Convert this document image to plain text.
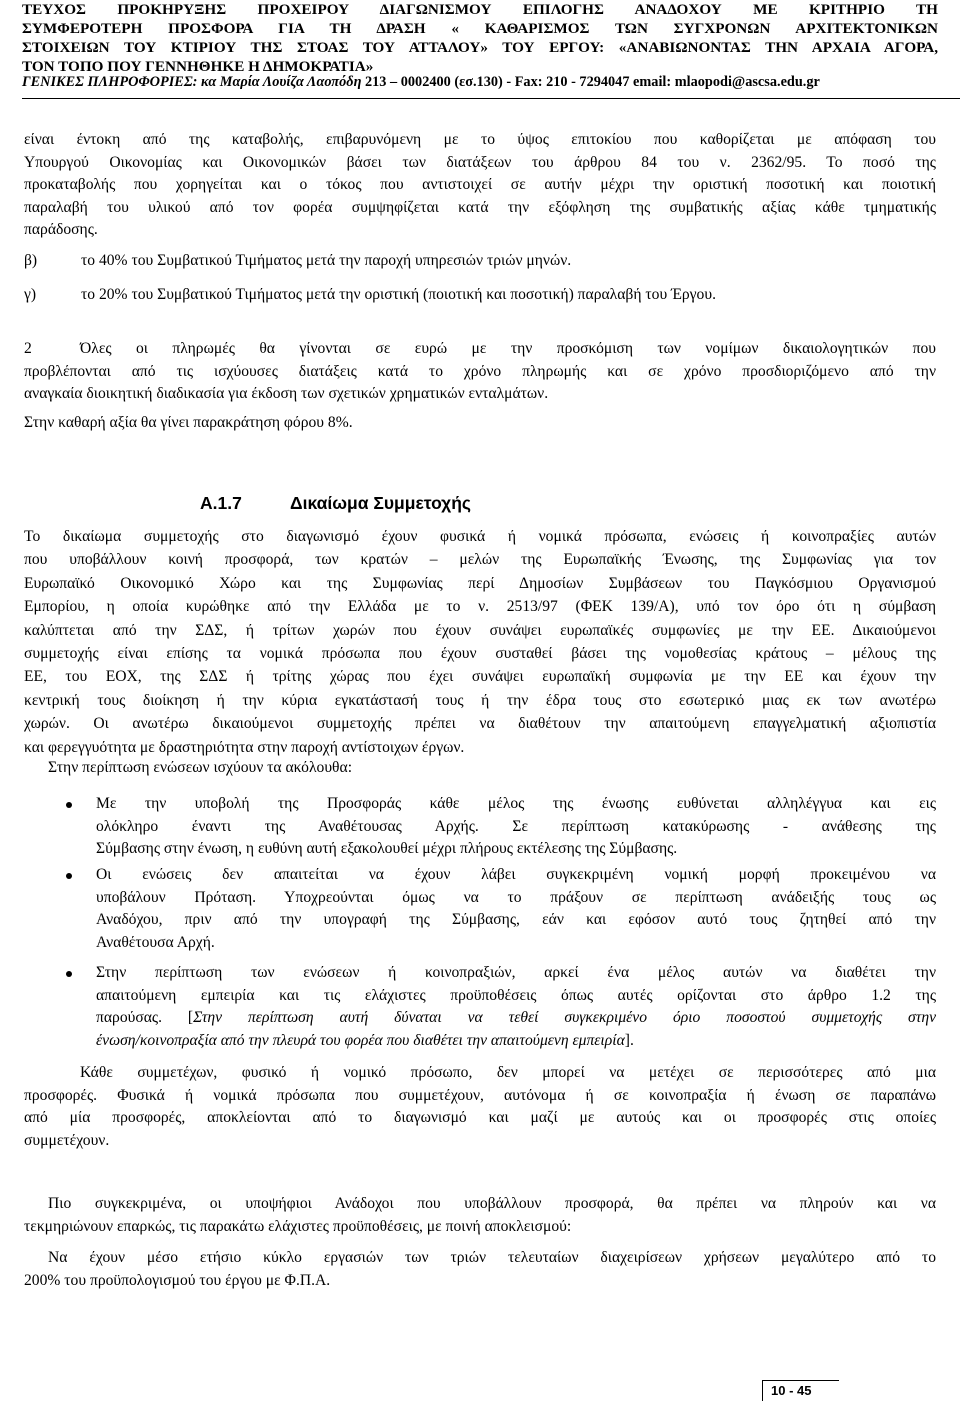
ΤΕΥΧΟΣ ΠΡΟΚΗΡΥΞΗΣ ΠΡΟΧΕΙΡΟΥ ΔΙΑΓΩΝΙΣΜΟΥ ΕΠΙΛΟΓΗΣ ΑΝΑΔΟΧΟΥ ΜΕ ΚΡΙΤΗΡΙΟ ΤΗ
ΣΥΜΦΕΡΟΤΕΡΗ ΠΡΟΣΦΟΡΑ ΓΙΑ ΤΗ ΔΡΑΣΗ « ΚΑΘΑΡΙΣΜΟΣ ΤΩΝ ΣΥΓΧΡΟΝΩΝ ΑΡΧΙΤΕΚΤΟΝΙΚΩΝ
ΣΤΟΙΧΕΙΩΝ ΤΟΥ ΚΤΙΡΙΟΥ ΤΗΣ ΣΤΟΑΣ ΤΟΥ ΑΤΤΑΛΟΥ» ΤΟΥ ΕΡΓΟΥ: «ΑΝΑΒΙΩΝΟΝΤΑΣ ΤΗΝ ΑΡΧΑΙΑ ΑΓΟΡΑ,
ΤΟΝ ΤΟΠΟ ΠΟΥ ΓΕΝΝΗΘΗΚΕ Η ΔΗΜΟΚΡΑΤΙΑ»
ΓΕΝΙΚΕΣ ΠΛΗΡΟΦΟΡΙΕΣ: κα Μαρία Λουίζα Λαοπόδη 213 – 0002400 (εσ.130) - Fax: 210 - 7294047 email: mlaopodi@ascsa.edu.gr
είναι έντοκη από της καταβολής, επιβαρυνόμενη με το ύψος επιτοκίου που καθορίζεται με απόφαση του
Υπουργού Οικονομίας και Οικονομικών βάσει των διατάξεων του άρθρου 84 του ν. 2362/95. Το ποσό της
προκαταβολής που χορηγείται και ο τόκος που αντιστοιχεί σε αυτήν μέχρι την οριστική ποσοτική και ποιοτική
παραλαβή του υλικού από τον φορέα συμψηφίζεται κατά την εξόφληση της συμβατικής αξίας κάθε τμηματικής
παράδοσης.
β)	το 40% του Συμβατικού Τιμήματος μετά την παροχή υπηρεσιών τριών μηνών.
γ)	το 20% του Συμβατικού Τιμήματος μετά την οριστική (ποιοτική και ποσοτική) παραλαβή του Έργου.
2	Όλες οι πληρωμές θα γίνονται σε ευρώ με την προσκόμιση των νομίμων δικαιολογητικών που
προβλέπονται από τις ισχύουσες διατάξεις κατά το χρόνο πληρωμής και σε χρόνο προσδιοριζόμενο από την
αναγκαία διοικητική διαδικασία για έκδοση των σχετικών χρηματικών ενταλμάτων.
Στην καθαρή αξία θα γίνει παρακράτηση φόρου 8%.
Α.1.7	Δικαίωμα Συμμετοχής
Το δικαίωμα συμμετοχής στο διαγωνισμό έχουν φυσικά ή νομικά πρόσωπα, ενώσεις ή κοινοπραξίες αυτών
που υποβάλλουν κοινή προσφορά, των κρατών – μελών της Ευρωπαϊκής Ένωσης, της Συμφωνίας για τον
Ευρωπαϊκό Οικονομικό Χώρο και της Συμφωνίας περί Δημοσίων Συμβάσεων του Παγκόσμιου Οργανισμού
Εμπορίου, η οποία κυρώθηκε από την Ελλάδα με το ν. 2513/97 (ΦΕΚ 139/Α), υπό τον όρο ότι η σύμβαση
καλύπτεται από την ΣΔΣ, ή τρίτων χωρών που έχουν συνάψει ευρωπαϊκές συμφωνίες με την ΕΕ. Δικαιούμενοι
συμμετοχής είναι επίσης τα νομικά πρόσωπα που έχουν συσταθεί βάσει της νομοθεσίας κράτους – μέλους της
ΕΕ, του ΕΟΧ, της ΣΔΣ ή τρίτης χώρας που έχει συνάψει ευρωπαϊκή συμφωνία με την ΕΕ και έχουν την
κεντρική τους διοίκηση ή την κύρια εγκατάστασή τους ή την έδρα τους στο εσωτερικό μιας εκ των ανωτέρω
χωρών. Οι ανωτέρω δικαιούμενοι συμμετοχής πρέπει να διαθέτουν την απαιτούμενη επαγγελματική αξιοπιστία
και φερεγγυότητα με δραστηριότητα στην παροχή αντίστοιχων έργων.
Στην περίπτωση ενώσεων ισχύουν τα ακόλουθα:
Με την υποβολή της Προσφοράς κάθε μέλος της ένωσης ευθύνεται αλληλέγγυα και εις
ολόκληρο έναντι της Αναθέτουσας Αρχής. Σε περίπτωση κατακύρωσης - ανάθεσης της
Σύμβασης στην ένωση, η ευθύνη αυτή εξακολουθεί μέχρι πλήρους εκτέλεσης της Σύμβασης.
Οι ενώσεις δεν απαιτείται να έχουν λάβει συγκεκριμένη νομική μορφή προκειμένου να
υποβάλουν Πρόταση. Υποχρεούνται όμως να το πράξουν σε περίπτωση ανάδειξής τους ως
Αναδόχου, πριν από την υπογραφή της Σύμβασης, εάν και εφόσον αυτό τους ζητηθεί από την
Αναθέτουσα Αρχή.
Στην περίπτωση των ενώσεων ή κοινοπραξιών, αρκεί ένα μέλος αυτών να διαθέτει την
απαιτούμενη εμπειρία και τις ελάχιστες προϋποθέσεις όπως αυτές ορίζονται στο άρθρο 1.2 της
παρούσας. [Στην περίπτωση αυτή δύναται να τεθεί συγκεκριμένο όριο ποσοστού συμμετοχής στην
ένωση/κοινοπραξία από την πλευρά του φορέα που διαθέτει την απαιτούμενη εμπειρία].
Κάθε συμμετέχων, φυσικό ή νομικό πρόσωπο, δεν μπορεί να μετέχει σε περισσότερες από μια
προσφορές. Φυσικά ή νομικά πρόσωπα που συμμετέχουν, αυτόνομα ή σε κοινοπραξία ή ένωση σε παραπάνω
από μία προσφορές, αποκλείονται από το διαγωνισμό και μαζί με αυτούς και οι προσφορές στις οποίες
συμμετέχουν.
Πιο συγκεκριμένα, οι υποψήφιοι Ανάδοχοι που υποβάλλουν προσφορά, θα πρέπει να πληρούν και να
τεκμηριώνουν επαρκώς, τις παρακάτω ελάχιστες προϋποθέσεις, με ποινή αποκλεισμού:
Να έχουν μέσο ετήσιο κύκλο εργασιών των τριών τελευταίων διαχειρίσεων χρήσεων μεγαλύτερο από το
200% του προϋπολογισμού του έργου με Φ.Π.Α.
10 - 45
